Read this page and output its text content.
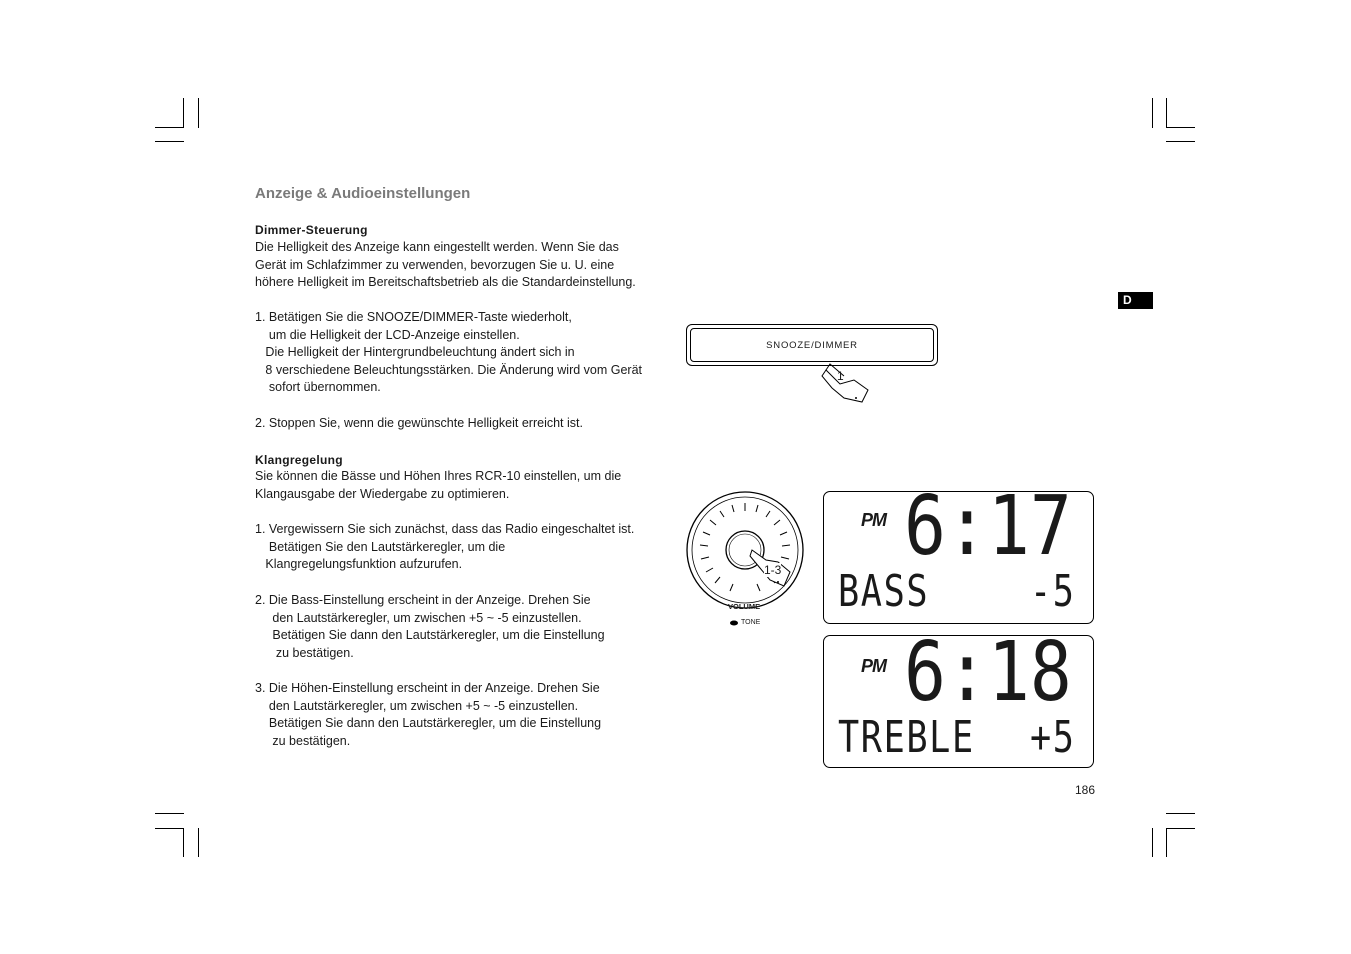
Anzeige & Audioeinstellungen
Dimmer-Steuerung
Die Helligkeit des Anzeige kann eingestellt werden. Wenn Sie das
Gerät im Schlafzimmer zu verwenden, bevorzugen Sie u. U. eine
höhere Helligkeit im Bereitschaftsbetrieb als die Standardeinstellung.
1. Betätigen Sie die SNOOZE/DIMMER-Taste wiederholt,
um die Helligkeit der LCD-Anzeige einstellen.
Die Helligkeit der Hintergrundbeleuchtung ändert sich in
8 verschiedene Beleuchtungsstärken. Die Änderung wird vom Gerät
sofort übernommen.
2. Stoppen Sie, wenn die gewünschte Helligkeit erreicht ist.
Klangregelung
Sie können die Bässe und Höhen Ihres RCR-10 einstellen, um die
Klangausgabe der Wiedergabe zu optimieren.
1. Vergewissern Sie sich zunächst, dass das Radio eingeschaltet ist.
Betätigen Sie den Lautstärkeregler, um die
Klangregelungsfunktion aufzurufen.
2. Die Bass-Einstellung erscheint in der Anzeige. Drehen Sie
den Lautstärkeregler, um zwischen +5 ~ -5 einzustellen.
Betätigen Sie dann den Lautstärkeregler, um die Einstellung
zu bestätigen.
3. Die Höhen-Einstellung erscheint in der Anzeige. Drehen Sie
den Lautstärkeregler, um zwischen +5 ~ -5 einzustellen.
Betätigen Sie dann den Lautstärkeregler, um die Einstellung
zu bestätigen.
D
186
SNOOZE/DIMMER
1
1-3
VOLUME
TONE
PM 6:17
BASS -5
PM 6:18
TREBLE +5
